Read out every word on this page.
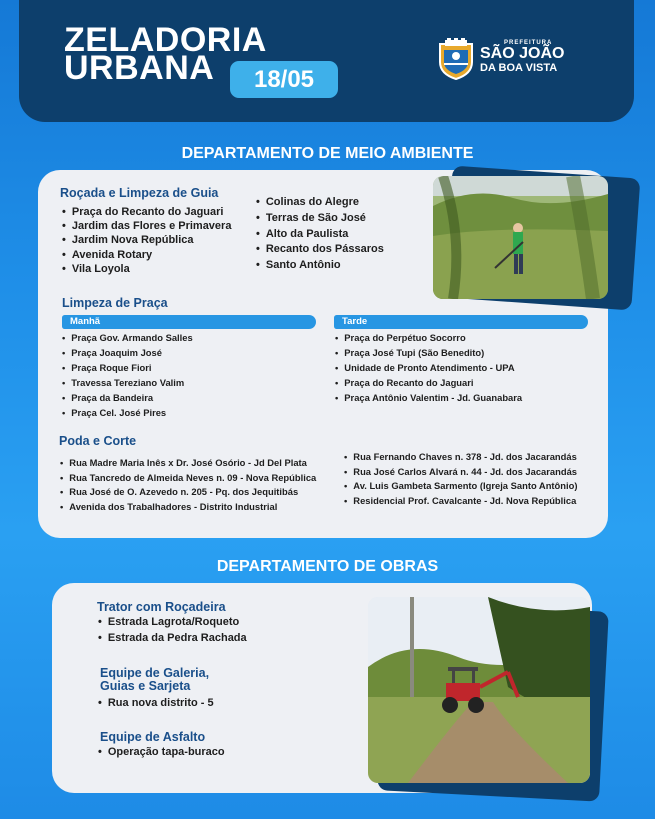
ZELADORIA
URBANA	18/05
PREFEITURA
SÃO JOÃO
DA BOA VISTA
DEPARTAMENTO DE MEIO AMBIENTE
Roçada e Limpeza de Guia
• Praça do Recanto do Jaguari
• Jardim das Flores e Primavera
• Jardim Nova República
• Avenida Rotary
• Vila Loyola
• Colinas do Alegre
• Terras de São José
• Alto da Paulista
• Recanto dos Pássaros
• Santo Antônio
Limpeza de Praça
Manhã	Tarde
• Praça Gov. Armando Salles
• Praça Joaquim José
• Praça Roque Fiori
• Travessa Tereziano Valim
• Praça da Bandeira
• Praça Cel. José Pires
• Praça do Perpétuo Socorro
• Praça José Tupi (São Benedito)
• Unidade de Pronto Atendimento - UPA
• Praça do Recanto do Jaguari
• Praça Antônio Valentim - Jd. Guanabara
Poda e Corte
• Rua Madre Maria Inês x Dr. José Osório - Jd Del Plata
• Rua Tancredo de Almeida Neves n. 09 - Nova República
• Rua José de O. Azevedo n. 205 - Pq. dos Jequitibás
• Avenida dos Trabalhadores - Distrito Industrial
• Rua Fernando Chaves n. 378 - Jd. dos Jacarandás
• Rua José Carlos Alvará n. 44 - Jd. dos Jacarandás
• Av. Luis Gambeta Sarmento (Igreja Santo Antônio)
• Residencial Prof. Cavalcante - Jd. Nova República
DEPARTAMENTO DE OBRAS
Trator com Roçadeira
• Estrada Lagrota/Roqueto
• Estrada da Pedra Rachada
Equipe de Galeria,
Guias e Sarjeta
• Rua nova distrito - 5
Equipe de Asfalto
• Operação tapa-buraco
